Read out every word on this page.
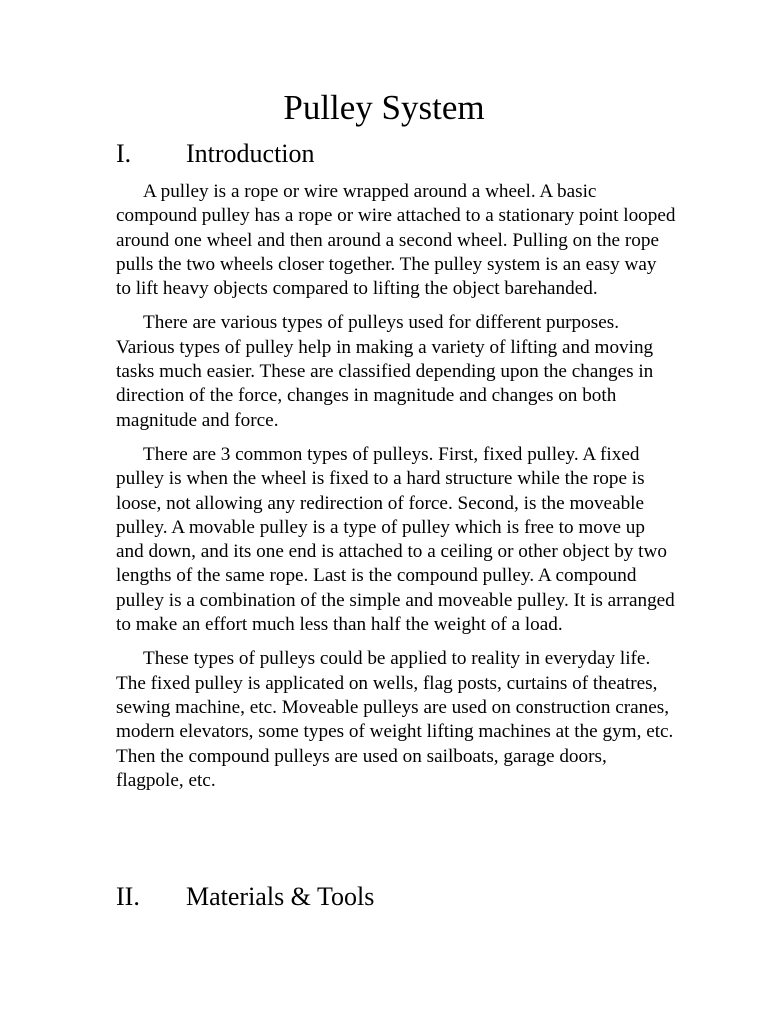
Pulley System
I. Introduction

A pulley is a rope or wire wrapped around a wheel. A basic compound pulley has a rope or wire attached to a stationary point looped around one wheel and then around a second wheel. Pulling on the rope pulls the two wheels closer together. The pulley system is an easy way to lift heavy objects compared to lifting the object barehanded.

There are various types of pulleys used for different purposes. Various types of pulley help in making a variety of lifting and moving tasks much easier. These are classified depending upon the changes in direction of the force, changes in magnitude and changes on both magnitude and force.

There are 3 common types of pulleys. First, fixed pulley. A fixed pulley is when the wheel is fixed to a hard structure while the rope is loose, not allowing any redirection of force. Second, is the moveable pulley. A movable pulley is a type of pulley which is free to move up and down, and its one end is attached to a ceiling or other object by two lengths of the same rope. Last is the compound pulley. A compound pulley is a combination of the simple and moveable pulley. It is arranged to make an effort much less than half the weight of a load.

These types of pulleys could be applied to reality in everyday life. The fixed pulley is applicated on wells, flag posts, curtains of theatres, sewing machine, etc. Moveable pulleys are used on construction cranes, modern elevators, some types of weight lifting machines at the gym, etc. Then the compound pulleys are used on sailboats, garage doors, flagpole, etc.

II. Materials & Tools
